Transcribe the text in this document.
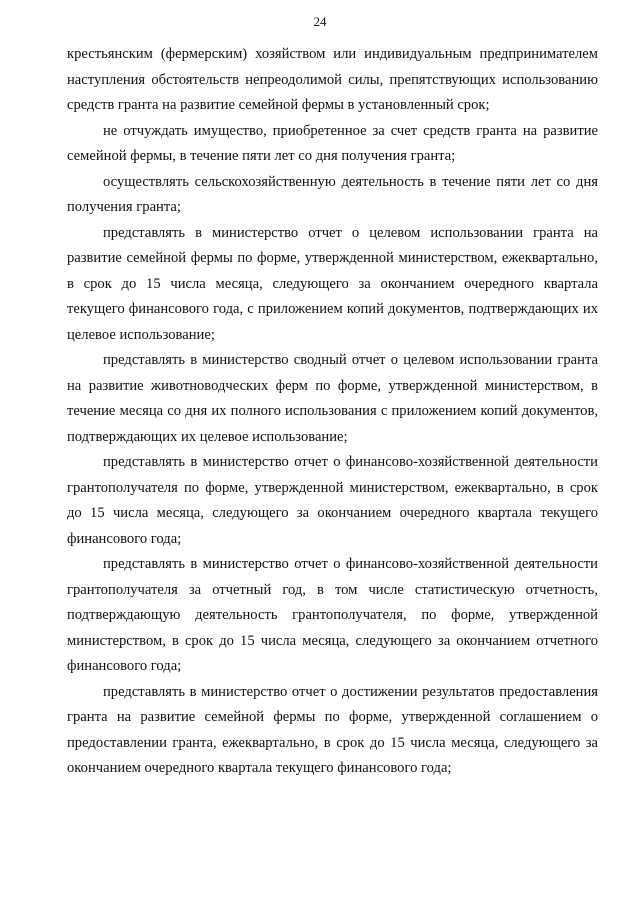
24

крестьянским (фермерским) хозяйством или индивидуальным предпринимателем наступления обстоятельств непреодолимой силы, препятствующих использованию средств гранта на развитие семейной фермы в установленный срок;

не отчуждать имущество, приобретенное за счет средств гранта на развитие семейной фермы, в течение пяти лет со дня получения гранта;

осуществлять сельскохозяйственную деятельность в течение пяти лет со дня получения гранта;

представлять в министерство отчет о целевом использовании гранта на развитие семейной фермы по форме, утвержденной министерством, ежеквартально, в срок до 15 числа месяца, следующего за окончанием очередного квартала текущего финансового года, с приложением копий документов, подтверждающих их целевое использование;

представлять в министерство сводный отчет о целевом использовании гранта на развитие животноводческих ферм по форме, утвержденной министерством, в течение месяца со дня их полного использования с приложением копий документов, подтверждающих их целевое использование;

представлять в министерство отчет о финансово-хозяйственной деятельности грантополучателя по форме, утвержденной министерством, ежеквартально, в срок до 15 числа месяца, следующего за окончанием очередного квартала текущего финансового года;

представлять в министерство отчет о финансово-хозяйственной деятельности грантополучателя за отчетный год, в том числе статистическую отчетность, подтверждающую деятельность грантополучателя, по форме, утвержденной министерством, в срок до 15 числа месяца, следующего за окончанием отчетного финансового года;

представлять в министерство отчет о достижении результатов предоставления гранта на развитие семейной фермы по форме, утвержденной соглашением о предоставлении гранта, ежеквартально, в срок до 15 числа месяца, следующего за окончанием очередного квартала текущего финансового года;
